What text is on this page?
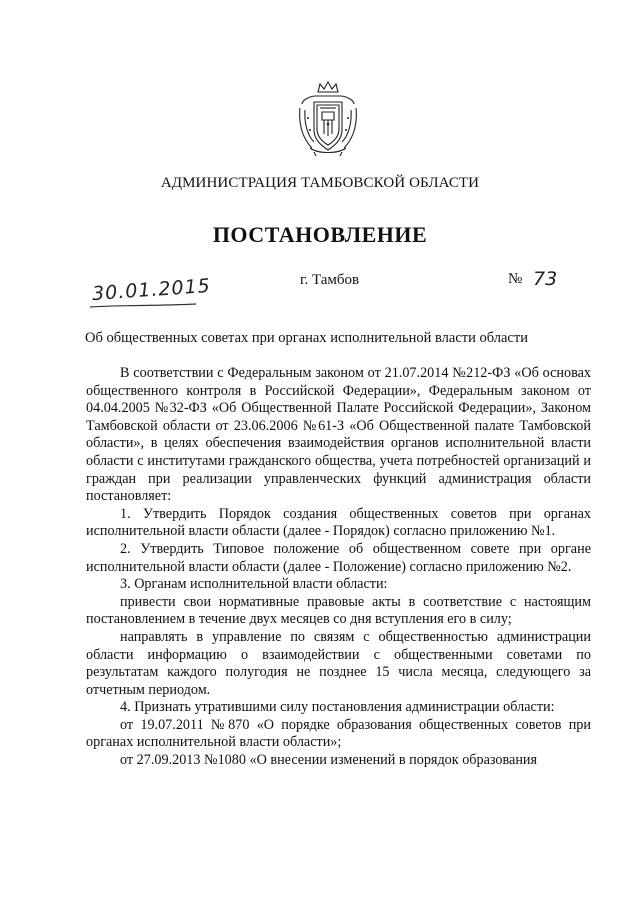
АДМИНИСТРАЦИЯ ТАМБОВСКОЙ ОБЛАСТИ
ПОСТАНОВЛЕНИЕ
30.01.2015	г. Тамбов	№ 73
Об общественных советах при органах исполнительной власти области

В соответствии с Федеральным законом от 21.07.2014 №212-ФЗ «Об основах общественного контроля в Российской Федерации», Федеральным законом от 04.04.2005 №32-ФЗ «Об Общественной Палате Российской Федерации», Законом Тамбовской области от 23.06.2006 №61-З «Об Общественной палате Тамбовской области», в целях обеспечения взаимодействия органов исполнительной власти области с институтами гражданского общества, учета потребностей организаций и граждан при реализации управленческих функций администрация области постановляет:

1. Утвердить Порядок создания общественных советов при органах исполнительной власти области (далее - Порядок) согласно приложению №1.

2. Утвердить Типовое положение об общественном совете при органе исполнительной власти области (далее - Положение) согласно приложению №2.

3. Органам исполнительной власти области:

привести свои нормативные правовые акты в соответствие с настоящим постановлением в течение двух месяцев со дня вступления его в силу;

направлять в управление по связям с общественностью администрации области информацию о взаимодействии с общественными советами по результатам каждого полугодия не позднее 15 числа месяца, следующего за отчетным периодом.

4. Признать утратившими силу постановления администрации области:

от 19.07.2011 №870 «О порядке образования общественных советов при органах исполнительной власти области»;

от 27.09.2013 №1080 «О внесении изменений в порядок образования
